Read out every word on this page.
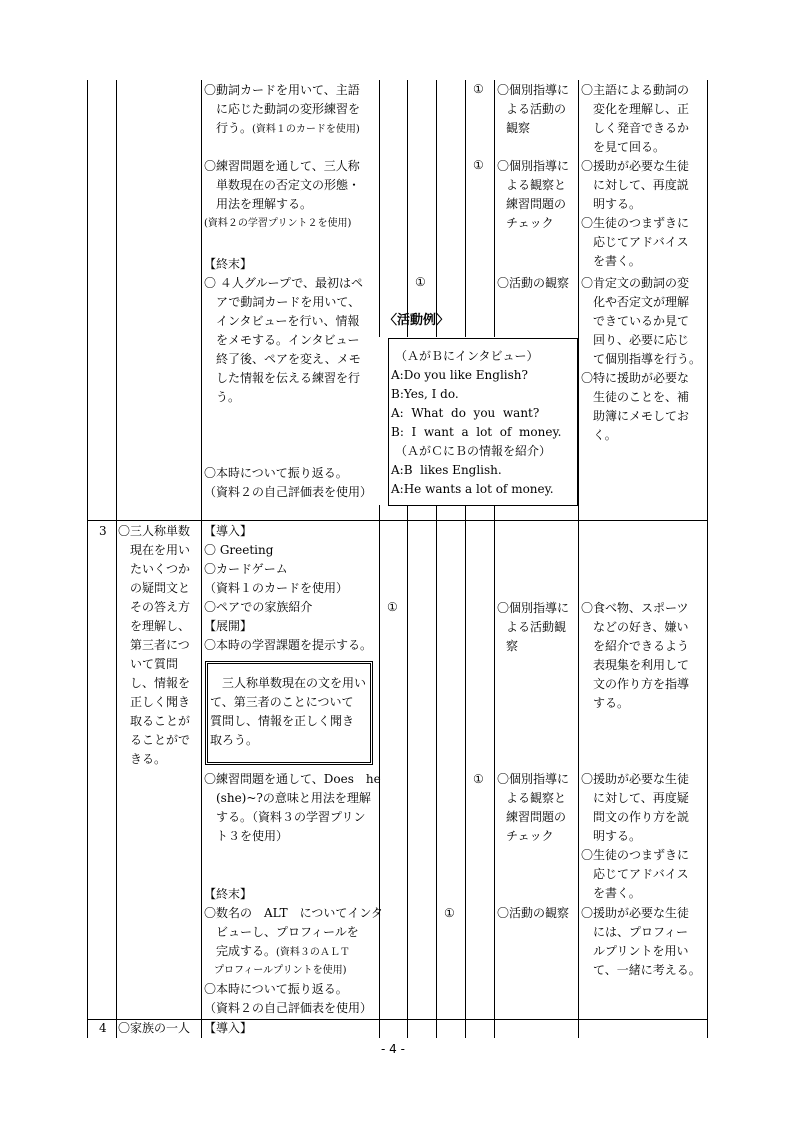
〇動詞カードを用いて、主語
　に応じた動詞の変形練習を
　行う。(資料１のカードを使用)
〇練習問題を通して、三人称
　単数現在の否定文の形態・
　用法を理解する。
(資料２の学習プリント２を使用)
【終末】
〇 ４人グループで、最初はペ
　アで動詞カードを用いて、
　インタビューを行い、情報
　をメモする。インタビュー
　終了後、ペアを変え、メモ
　した情報を伝える練習を行
　う。
〇本時について振り返る。
（資料２の自己評価表を使用）
①
①
①
〇個別指導に
よる活動の
観察
〇個別指導に
よる観察と
練習問題の
チェック
〇活動の観察
〇主語による動詞の
　変化を理解し、正
　しく発音できるか
　を見て回る。
〇援助が必要な生徒
　に対して、再度説
　明する。
〇生徒のつまずきに
　応じてアドバイス
　を書く。
〇肯定文の動詞の変
　化や否定文が理解
　できているか見て
　回り、必要に応じ
　て個別指導を行う。
〇特に援助が必要な
　生徒のことを、補
　助簿にメモしてお
　く。
〈活動例〉
（ＡがＢにインタビュー）
A:Do you like English?
B:Yes, I do.
A:  What  do  you  want?
B:  I  want  a  lot  of  money.
（ＡがＣにＢの情報を紹介）
A:B  likes English.
A:He wants a lot of money.
3 〇三人称単数
　現在を用い
　たいくつか
　の疑問文と
　その答え方
　を理解し、
　第三者につ
　いて質問
　し、情報を
　正しく聞き
　取ることが
　ることがで
　きる。
【導入】
〇 Greeting
〇カードゲーム
（資料１のカードを使用）
〇ペアでの家族紹介
【展開】
〇本時の学習課題を提示する。
　三人称単数現在の文を用い
て、第三者のことについて
質問し、情報を正しく聞き
取ろう。
〇練習問題を通して、Does　he
　(she)~?の意味と用法を理解
　する。（資料３の学習プリン
　ト３を使用）
【終末】
〇数名の　ALT　についてインタ
　ビューし、プロフィールを
　完成する。(資料３のＡＬＴ
　プロフィールプリントを使用)
〇本時について振り返る。
（資料２の自己評価表を使用）
①
①
①
〇個別指導に
よる活動観
察
〇個別指導に
よる観察と
練習問題の
チェック
〇活動の観察
〇食べ物、スポーツ
　などの好き、嫌い
　を紹介できるよう
　表現集を利用して
　文の作り方を指導
　する。
〇援助が必要な生徒
　に対して、再度疑
　問文の作り方を説
　明する。
〇生徒のつまずきに
　応じてアドバイス
　を書く。
〇援助が必要な生徒
　には、プロフィー
　ルプリントを用い
　て、一緒に考える。
4 〇家族の一人 【導入】
- 4 -
